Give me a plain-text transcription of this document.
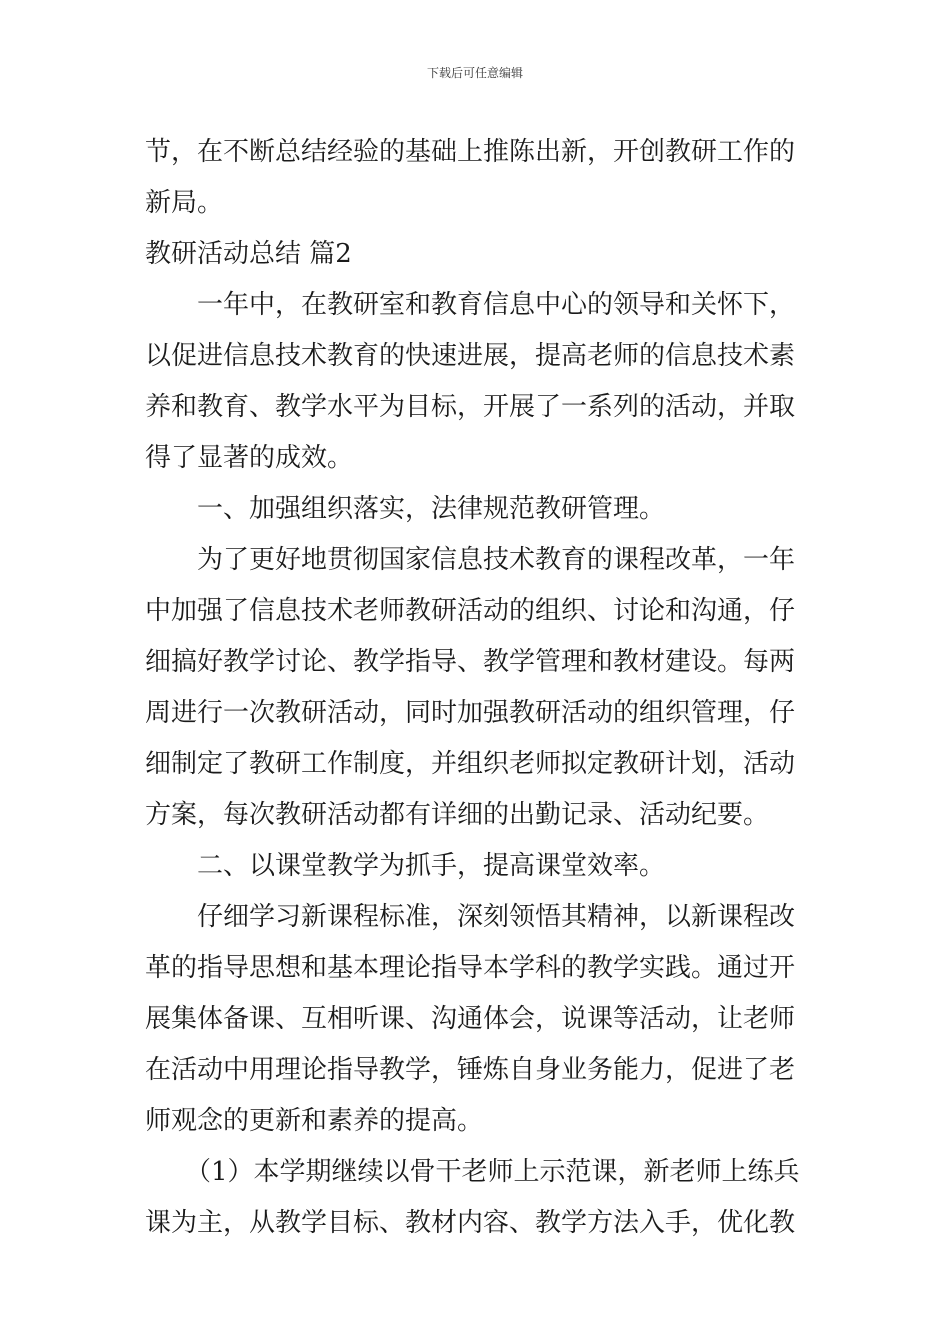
下载后可任意编辑
节，在不断总结经验的基础上推陈出新，开创教研工作的
新局。
教研活动总结 篇2
一年中，在教研室和教育信息中心的领导和关怀下，
以促进信息技术教育的快速进展，提高老师的信息技术素
养和教育、教学水平为目标，开展了一系列的活动，并取
得了显著的成效。
一、加强组织落实，法律规范教研管理。
为了更好地贯彻国家信息技术教育的课程改革，一年
中加强了信息技术老师教研活动的组织、讨论和沟通，仔
细搞好教学讨论、教学指导、教学管理和教材建设。每两
周进行一次教研活动，同时加强教研活动的组织管理，仔
细制定了教研工作制度，并组织老师拟定教研计划，活动
方案，每次教研活动都有详细的出勤记录、活动纪要。
二、以课堂教学为抓手，提高课堂效率。
仔细学习新课程标准，深刻领悟其精神，以新课程改
革的指导思想和基本理论指导本学科的教学实践。通过开
展集体备课、互相听课、沟通体会，说课等活动，让老师
在活动中用理论指导教学，锤炼自身业务能力，促进了老
师观念的更新和素养的提高。
（1）本学期继续以骨干老师上示范课，新老师上练兵
课为主，从教学目标、教材内容、教学方法入手，优化教
